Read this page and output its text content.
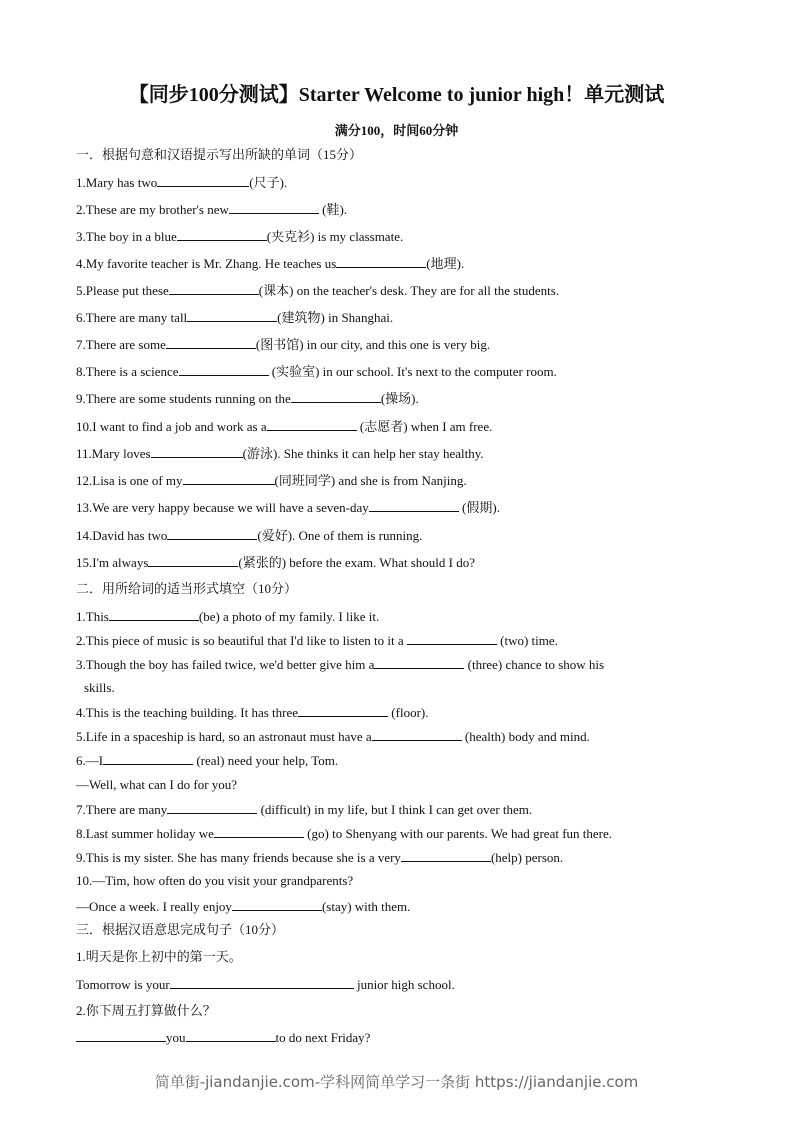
【同步100分测试】Starter Welcome to junior high！单元测试
满分100，时间60分钟
一．根据句意和汉语提示写出所缺的单词（15分）
1.Mary has two	(尺子).
2.These are my brother's new	(鞋).
3.The boy in a blue	(夹克衫) is my classmate.
4.My favorite teacher is Mr. Zhang. He teaches us	(地理).
5.Please put these	(课本) on the teacher's desk. They are for all the students.
6.There are many tall	(建筑物) in Shanghai.
7.There are some	(图书馆) in our city, and this one is very big.
8.There is a science	(实验室) in our school. It's next to the computer room.
9.There are some students running on the	(操场).
10.I want to find a job and work as a	(志愿者) when I am free.
11.Mary loves	(游泳). She thinks it can help her stay healthy.
12.Lisa is one of my	(同班同学) and she is from Nanjing.
13.We are very happy because we will have a seven-day	(假期).
14.David has two	(爱好). One of them is running.
15.I'm always	(紧张的) before the exam. What should I do?
二．用所给词的适当形式填空（10分）
1.This	(be) a photo of my family. I like it.
2.This piece of music is so beautiful that I'd like to listen to it a	(two) time.
3.Though the boy has failed twice, we'd better give him a	(three) chance to show his
skills.
4.This is the teaching building. It has three	(floor).
5.Life in a spaceship is hard, so an astronaut must have a	(health) body and mind.
6.—I	(real) need your help, Tom.
—Well, what can I do for you?
7.There are many	(difficult) in my life, but I think I can get over them.
8.Last summer holiday we	(go) to Shenyang with our parents. We had great fun there.
9.This is my sister. She has many friends because she is a very	(help) person.
10.—Tim, how often do you visit your grandparents?
—Once a week. I really enjoy	(stay) with them.
三．根据汉语意思完成句子（10分）
1.明天是你上初中的第一天。
Tomorrow is your	junior high school.
2.你下周五打算做什么？
you	to do next Friday?
简单街-jiandanjie.com-学科网简单学习一条街 https://jiandanjie.com
